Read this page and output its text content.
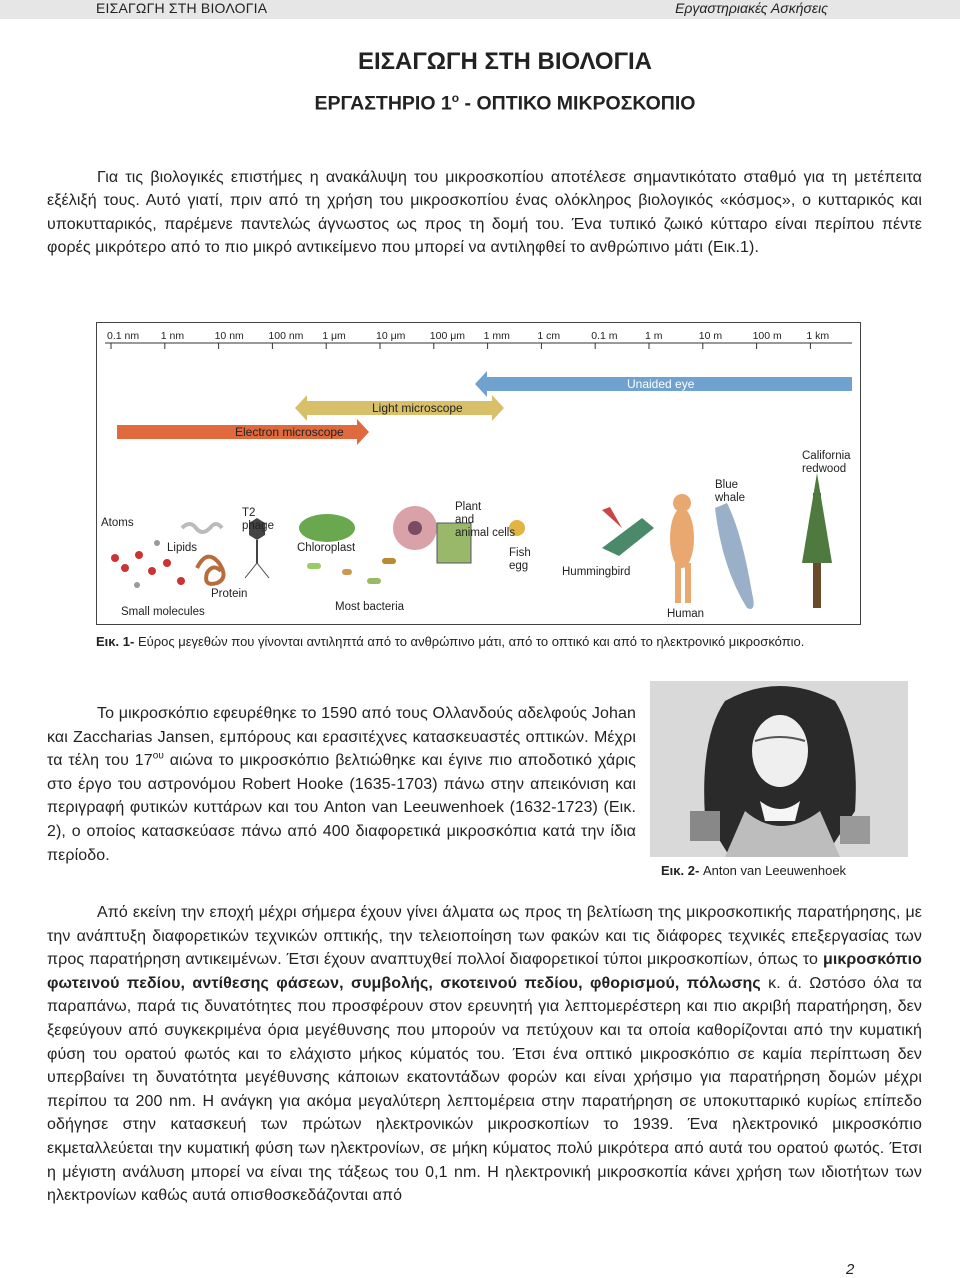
ΕΙΣΑΓΩΓΗ ΣΤΗ ΒΙΟΛΟΓΙΑ	Εργαστηριακές Ασκήσεις
ΕΙΣΑΓΩΓΗ ΣΤΗ ΒΙΟΛΟΓΙΑ
ΕΡΓΑΣΤΗΡΙΟ $1^o$ - ΟΠΤΙΚΟ ΜΙΚΡΟΣΚΟΠΙΟ

Για τις βιολογικές επιστήμες η ανακάλυψη του μικροσκοπίου αποτέλεσε σημαντικότατο σταθμό για τη μετέπειτα εξέλιξή τους. Αυτό γιατί, πριν από τη χρήση του μικροσκοπίου ένας ολόκληρος βιολογικός «κόσμος», ο κυτταρικός και υποκυτταρικός, παρέμενε παντελώς άγνωστος ως προς τη δομή του. Ένα τυπικό ζωικό κύτταρο είναι περίπου πέντε φορές μικρότερο από το πιο μικρό αντικείμενο που μπορεί να αντιληφθεί το ανθρώπινο μάτι (Εικ.1).

0.1 nm 1 nm	10 nm 100 nm 1 μm	10 μm 100 μm 1 mm	1 cm	0.1 m	1 m	10 m	100 m 1 km
Unaided eye
Light microscope
Electron microscope
Atoms
Lipids
T2
phage
Chloroplast
Plant
and
animal cells
Fish
egg	Hummingbird
Blue
whale
California
redwood
Small molecules
Protein
Most bacteria
Human
Εικ. 1- Εύρος μεγεθών που γίνονται αντιληπτά από το ανθρώπινο μάτι, από το οπτικό και από το ηλεκτρονικό μικροσκόπιο.

Το μικροσκόπιο εφευρέθηκε το 1590 από τους Ολλανδούς αδελφούς Johan και Zaccharias Jansen, εμπόρους και ερασιτέχνες κατασκευαστές οπτικών. Μέχρι τα τέλη του $17^{o\upsilon}$ αιώνα το μικροσκόπιο βελτιώθηκε και έγινε πιο αποδοτικό χάρις στο έργο του αστρονόμου Robert Hooke (1635-1703) πάνω στην απεικόνιση και περιγραφή φυτικών κυττάρων και του Anton van Leeuwenhoek (1632-1723) (Εικ. 2), ο οποίος κατασκεύασε πάνω από 400 διαφορετικά μικροσκόπια κατά την ίδια περίοδο.

Εικ. 2- Anton van Leeuwenhoek

Από εκείνη την εποχή μέχρι σήμερα έχουν γίνει άλματα ως προς τη βελτίωση της μικροσκοπικής παρατήρησης, με την ανάπτυξη διαφορετικών τεχνικών οπτικής, την τελειοποίηση των φακών και τις διάφορες τεχνικές επεξεργασίας των προς παρατήρηση αντικειμένων. Έτσι έχουν αναπτυχθεί πολλοί διαφορετικοί τύποι μικροσκοπίων, όπως το μικροσκόπιο φωτεινού πεδίου, αντίθεσης φάσεων, συμβολής, σκοτεινού πεδίου, φθορισμού, πόλωσης κ. ά. Ωστόσο όλα τα παραπάνω, παρά τις δυνατότητες που προσφέρουν στον ερευνητή για λεπτομερέστερη και πιο ακριβή παρατήρηση, δεν ξεφεύγουν από συγκεκριμένα όρια μεγέθυνσης που μπορούν να πετύχουν και τα οποία καθορίζονται από την κυματική φύση του ορατού φωτός και το ελάχιστο μήκος κύματός του. Έτσι ένα οπτικό μικροσκόπιο σε καμία περίπτωση δεν υπερβαίνει τη δυνατότητα μεγέθυνσης κάποιων εκατοντάδων φορών και είναι χρήσιμο για παρατήρηση δομών μέχρι περίπου τα 200 nm. Η ανάγκη για ακόμα μεγαλύτερη λεπτομέρεια στην παρατήρηση σε υποκυτταρικό κυρίως επίπεδο οδήγησε στην κατασκευή των πρώτων ηλεκτρονικών μικροσκοπίων το 1939. Ένα ηλεκτρονικό μικροσκόπιο εκμεταλλεύεται την κυματική φύση των ηλεκτρονίων, σε μήκη κύματος πολύ μικρότερα από αυτά του ορατού φωτός. Έτσι η μέγιστη ανάλυση μπορεί να είναι της τάξεως του 0,1 nm. Η ηλεκτρονική μικροσκοπία κάνει χρήση των ιδιοτήτων των ηλεκτρονίων καθώς αυτά οπισθοσκεδάζονται από

2
